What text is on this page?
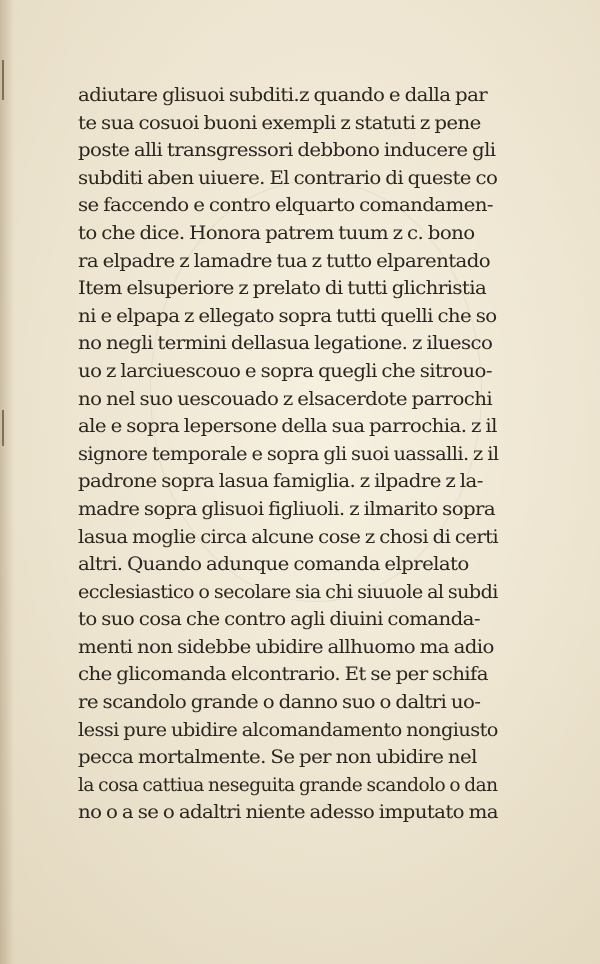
adiutare glisuoi subditi.z quando e dalla par
te sua cosuoi buoni exempli z statuti z pene
poste alli transgressori debbono inducere gli
subditi aben uiuere. El contrario di queste co
se faccendo e contro elquarto comandamen-
to che dice. Honora patrem tuum z c. bono
ra elpadre z lamadre tua z tutto elparentado
Item elsuperiore z prelato di tutti glichristia
ni e elpapa z ellegato sopra tutti quelli che so
no negli termini dellasua legatione. z iluesco
uo z larciuescouo e sopra quegli che sitrouo-
no nel suo uescouado z elsacerdote parrochi
ale e sopra lepersone della sua parrochia. z il
signore temporale e sopra gli suoi uassalli. z il
padrone sopra lasua famiglia. z ilpadre z la-
madre sopra glisuoi figliuoli. z ilmarito sopra
lasua moglie circa alcune cose z chosi di certi
altri. Quando adunque comanda elprelato
ecclesiastico o secolare sia chi siuuole al subdi
to suo cosa che contro agli diuini comanda-
menti non sidebbe ubidire allhuomo ma adio
che glicomanda elcontrario. Et se per schifa
re scandolo grande o danno suo o daltri uo-
lessi pure ubidire alcomandamento nongiusto
pecca mortalmente. Se per non ubidire nel
la cosa cattiua neseguita grande scandolo o dan
no o a se o adaltri niente adesso imputato ma
